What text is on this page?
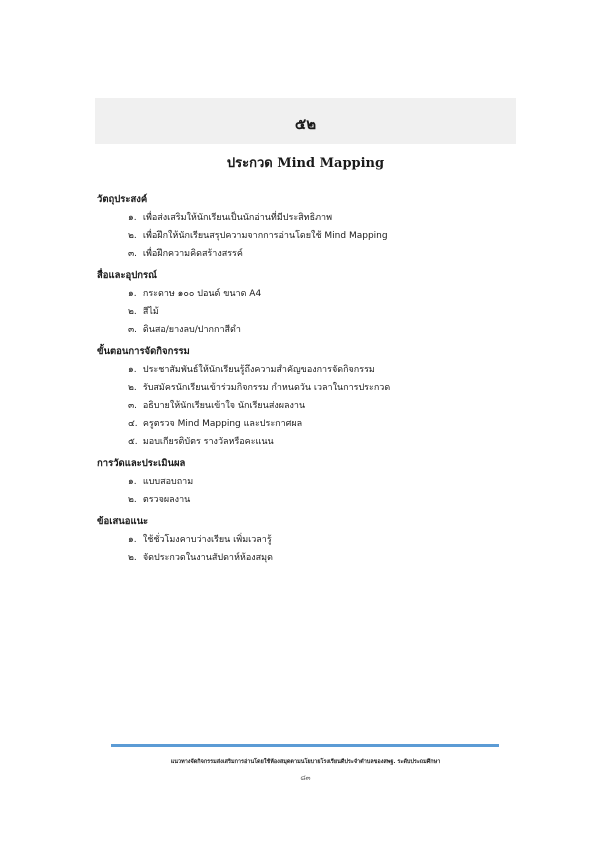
๕๒
ประกวด Mind Mapping
วัตถุประสงค์
๑. เพื่อส่งเสริมให้นักเรียนเป็นนักอ่านที่มีประสิทธิภาพ
๒. เพื่อฝึกให้นักเรียนสรุปความจากการอ่านโดยใช้ Mind Mapping
๓. เพื่อฝึกความคิดสร้างสรรค์
สื่อและอุปกรณ์
๑. กระดาษ ๑๐๐ ปอนด์ ขนาด A4
๒. สีไม้
๓. ดินสอ/ยางลบ/ปากกาสีดำ
ขั้นตอนการจัดกิจกรรม
๑. ประชาสัมพันธ์ให้นักเรียนรู้ถึงความสำคัญของการจัดกิจกรรม
๒. รับสมัครนักเรียนเข้าร่วมกิจกรรม กำหนดวัน เวลาในการประกวด
๓. อธิบายให้นักเรียนเข้าใจ นักเรียนส่งผลงาน
๔. ครูตรวจ Mind Mapping และประกาศผล
๕. มอบเกียรติบัตร รางวัลหรือคะแนน
การวัดและประเมินผล
๑. แบบสอบถาม
๒. ตรวจผลงาน
ข้อเสนอแนะ
๑. ใช้ชั่วโมงคาบว่างเรียน เพิ่มเวลารู้
๒. จัดประกวดในงานสัปดาห์ห้องสมุด
แนวทางจัดกิจกรรมส่งเสริมการอ่านโดยใช้ห้องสมุดตามนโยบายโรงเรียนดีประจำตำบลของสพฐ. ระดับประถมศึกษา
๘๓
